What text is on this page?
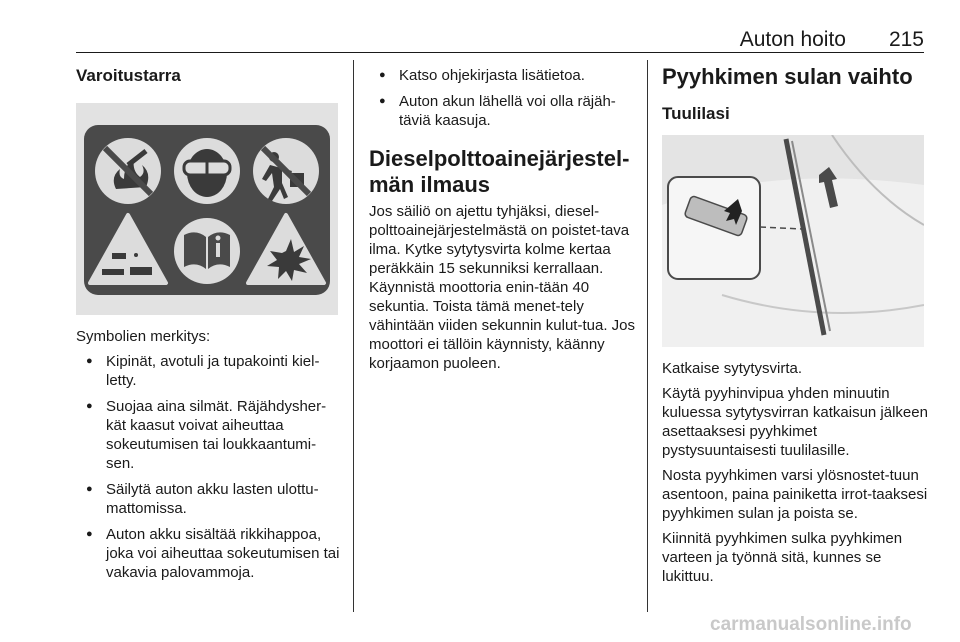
Auton hoito 215

Varoitustarra

Symbolien merkitys:

● Kipinät, avotuli ja tupakointi kiel-letty.
● Suojaa aina silmät. Räjähdysher-kät kaasut voivat aiheuttaa sokeutumisen tai loukkaantumi-sen.
● Säilytä auton akku lasten ulottu-mattomissa.
● Auton akku sisältää rikkihappoa, joka voi aiheuttaa sokeutumisen tai vakavia palovammoja.
● Katso ohjekirjasta lisätietoa.
● Auton akun lähellä voi olla räjäh-täviä kaasuja.

Dieselpolttoainejärjestel-

män ilmaus

Jos säiliö on ajettu tyhjäksi, diesel-polttoainejärjestelmästä on poistet-tava ilma. Kytke sytytysvirta kolme kertaa peräkkäin 15 sekunniksi kerrallaan. Käynnistä moottoria enin-tään 40 sekuntia. Toista tämä menet-tely vähintään viiden sekunnin kulut-tua. Jos moottori ei tällöin käynnisty, käänny korjaamon puoleen.

Pyyhkimen sulan vaihto

Tuulilasi

Katkaise sytytysvirta.

Käytä pyyhinvipua yhden minuutin kuluessa sytytysvirran katkaisun jälkeen asettaaksesi pyyhkimet pystysuuntaisesti tuulilasille.

Nosta pyyhkimen varsi ylösnostet-tuun asentoon, paina painiketta irrot-taaksesi pyyhkimen sulan ja poista se.

Kiinnitä pyyhkimen sulka pyyhkimen varteen ja työnnä sitä, kunnes se lukittuu.

carmanualsonline.info
